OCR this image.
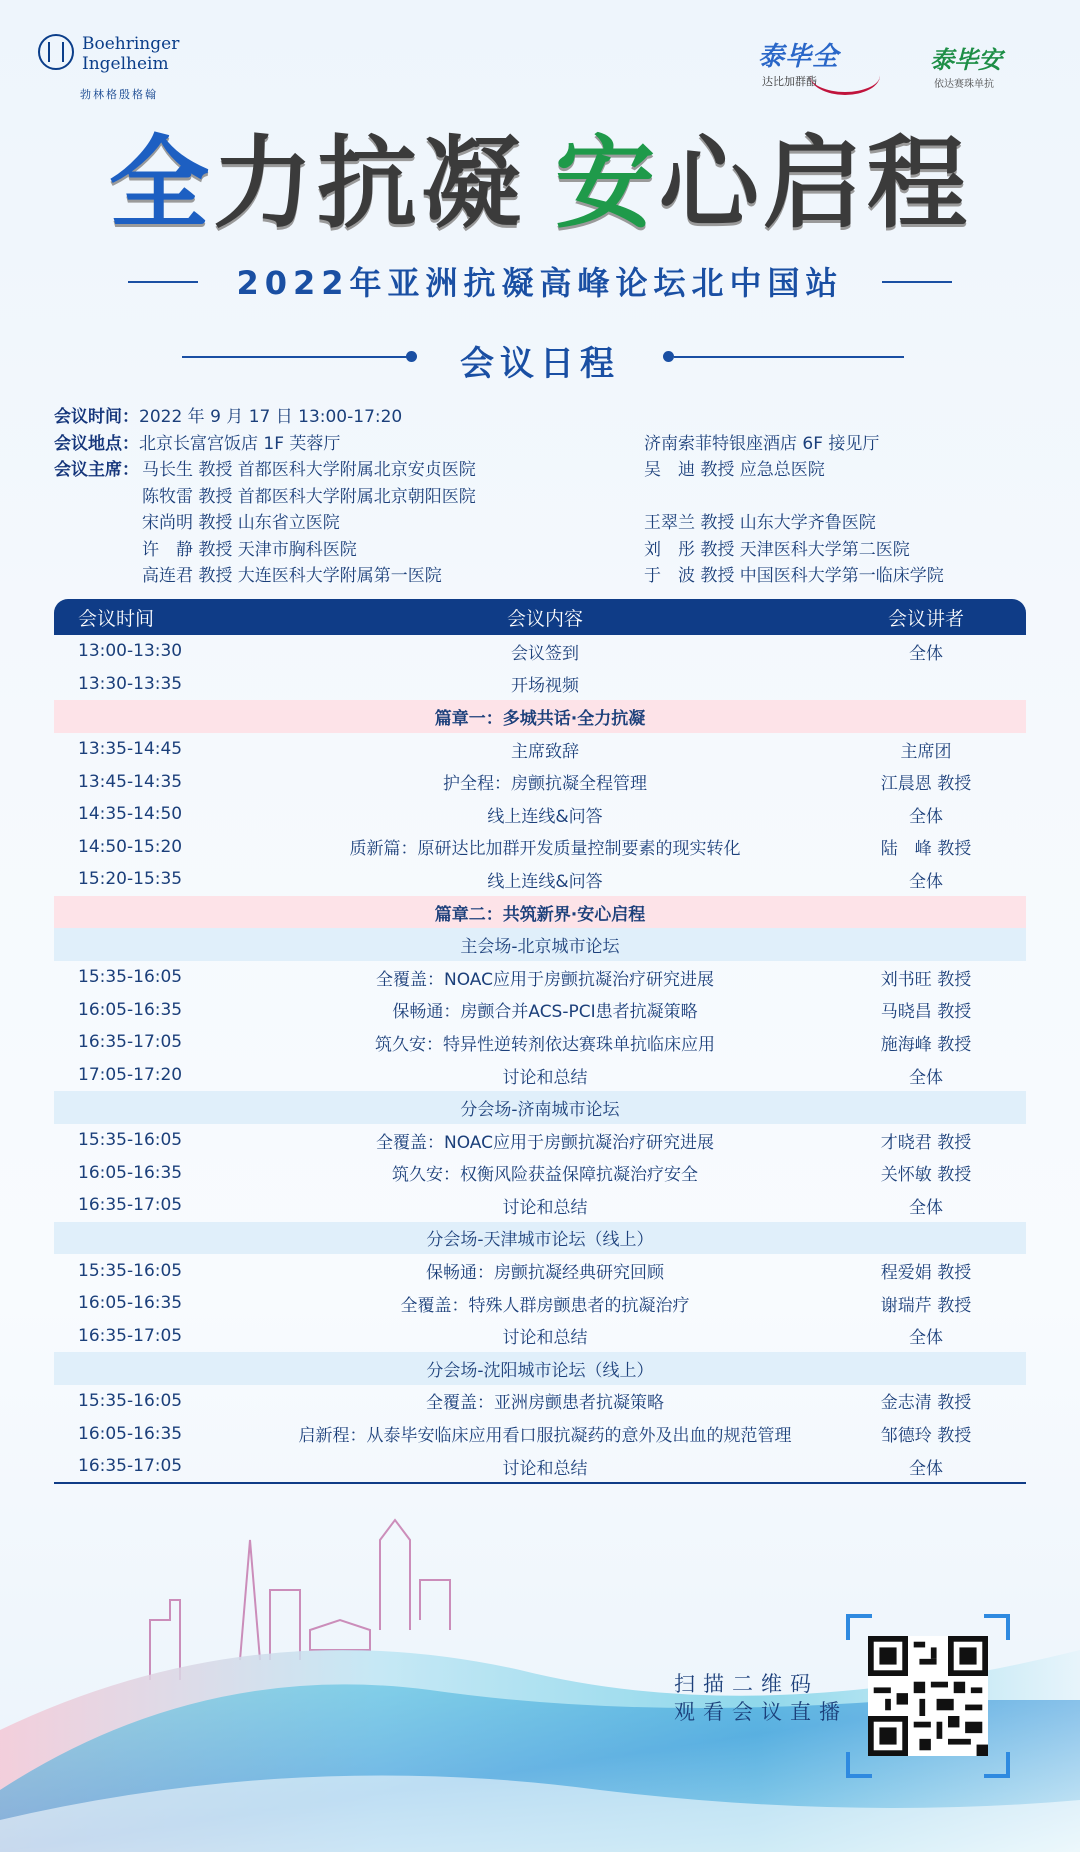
Boehringer
Ingelheim
勃林格殷格翰
泰毕全
达比加群酯
泰毕安
依达赛珠单抗
全力抗凝 安心启程
2022年亚洲抗凝高峰论坛北中国站
会议日程
会议时间：2022 年 9 月 17 日 13:00-17:20
会议地点：北京长富宫饭店 1F 芙蓉厅	济南索菲特银座酒店 6F 接见厅
会议主席： 马长生 教授 首都医科大学附属北京安贞医院
陈牧雷 教授 首都医科大学附属北京朝阳医院
宋尚明 教授 山东省立医院
许　静 教授 天津市胸科医院
高连君 教授 大连医科大学附属第一医院
吴　迪 教授 应急总医院
王翠兰 教授 山东大学齐鲁医院
刘　彤 教授 天津医科大学第二医院
于　波 教授 中国医科大学第一临床学院
会议时间	会议内容	会议讲者
13:00-13:30	会议签到	全体
13:30-13:35	开场视频
篇章一：多城共话·全力抗凝
13:35-14:45	主席致辞	主席团
13:45-14:35	护全程：房颤抗凝全程管理	江晨恩 教授
14:35-14:50	线上连线&问答	全体
14:50-15:20	质新篇：原研达比加群开发质量控制要素的现实转化	陆　峰 教授
15:20-15:35	线上连线&问答	全体
篇章二：共筑新界·安心启程
主会场-北京城市论坛
15:35-16:05	全覆盖：NOAC应用于房颤抗凝治疗研究进展	刘书旺 教授
16:05-16:35	保畅通：房颤合并ACS-PCI患者抗凝策略	马晓昌 教授
16:35-17:05	筑久安：特异性逆转剂依达赛珠单抗临床应用	施海峰 教授
17:05-17:20	讨论和总结	全体
分会场-济南城市论坛
15:35-16:05	全覆盖：NOAC应用于房颤抗凝治疗研究进展	才晓君 教授
16:05-16:35	筑久安：权衡风险获益保障抗凝治疗安全	关怀敏 教授
16:35-17:05	讨论和总结	全体
分会场-天津城市论坛（线上）
15:35-16:05	保畅通：房颤抗凝经典研究回顾	程爱娟 教授
16:05-16:35	全覆盖：特殊人群房颤患者的抗凝治疗	谢瑞芹 教授
16:35-17:05	讨论和总结	全体
分会场-沈阳城市论坛（线上）
15:35-16:05	全覆盖：亚洲房颤患者抗凝策略	金志清 教授
16:05-16:35	启新程：从泰毕安临床应用看口服抗凝药的意外及出血的规范管理	邹德玲 教授
16:35-17:05	讨论和总结	全体
扫描二维码
观看会议直播
